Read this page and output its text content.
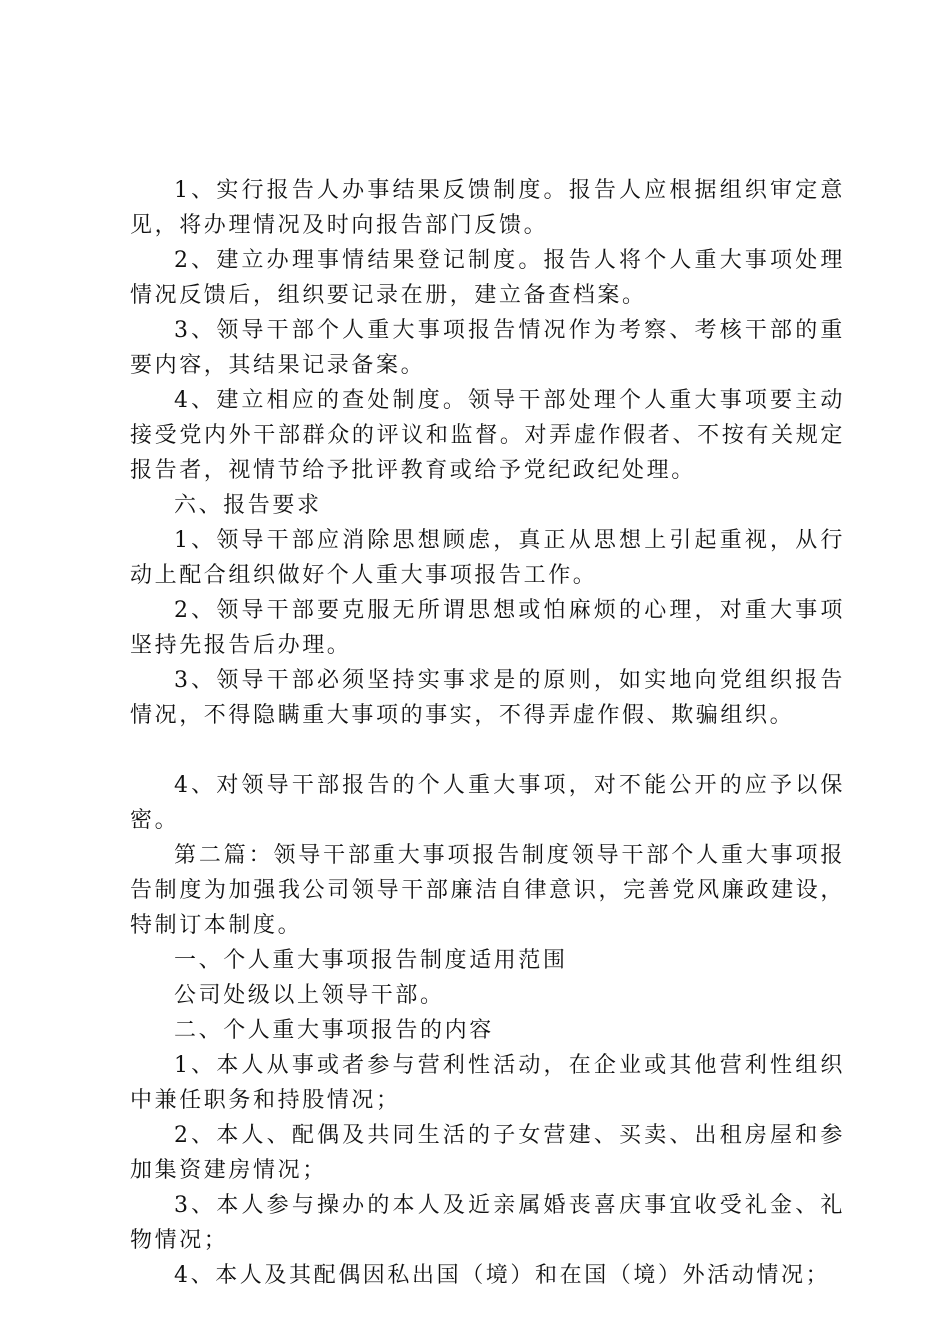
1、实行报告人办事结果反馈制度。报告人应根据组织审定意见，将办理情况及时向报告部门反馈。

2、建立办理事情结果登记制度。报告人将个人重大事项处理情况反馈后，组织要记录在册，建立备查档案。

3、领导干部个人重大事项报告情况作为考察、考核干部的重要内容，其结果记录备案。

4、建立相应的查处制度。领导干部处理个人重大事项要主动接受党内外干部群众的评议和监督。对弄虚作假者、不按有关规定报告者，视情节给予批评教育或给予党纪政纪处理。

六、报告要求

1、领导干部应消除思想顾虑，真正从思想上引起重视，从行动上配合组织做好个人重大事项报告工作。

2、领导干部要克服无所谓思想或怕麻烦的心理，对重大事项坚持先报告后办理。

3、领导干部必须坚持实事求是的原则，如实地向党组织报告情况，不得隐瞒重大事项的事实，不得弄虚作假、欺骗组织。

4、对领导干部报告的个人重大事项，对不能公开的应予以保密。

第二篇：领导干部重大事项报告制度领导干部个人重大事项报告制度为加强我公司领导干部廉洁自律意识，完善党风廉政建设，特制订本制度。

一、个人重大事项报告制度适用范围

公司处级以上领导干部。

二、个人重大事项报告的内容

1、本人从事或者参与营利性活动，在企业或其他营利性组织中兼任职务和持股情况；

2、本人、配偶及共同生活的子女营建、买卖、出租房屋和参加集资建房情况；

3、本人参与操办的本人及近亲属婚丧喜庆事宜收受礼金、礼物情况；

4、本人及其配偶因私出国（境）和在国（境）外活动情况；
